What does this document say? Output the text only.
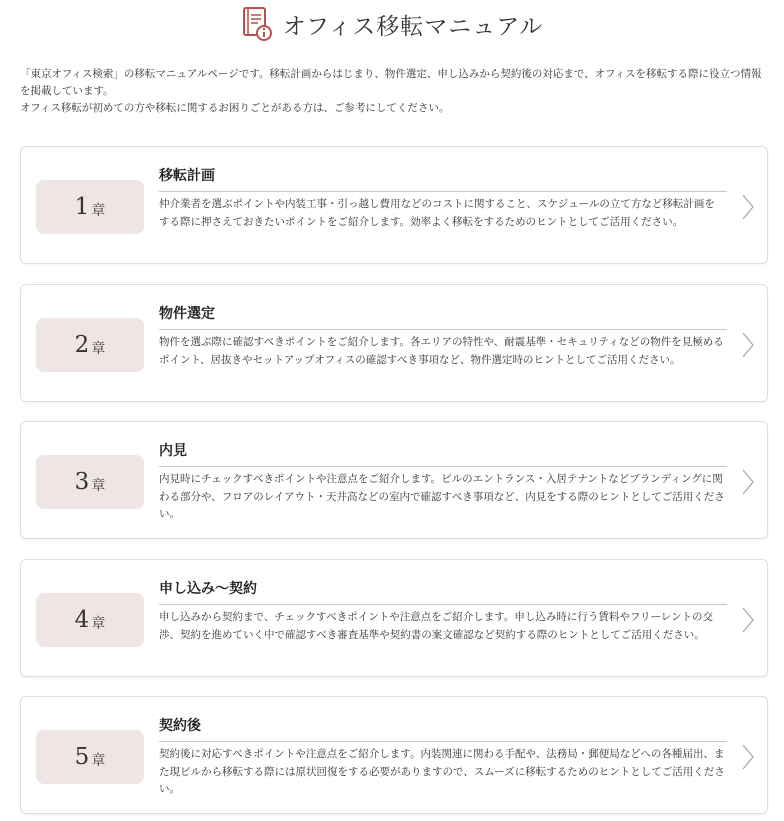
オフィス移転マニュアル
「東京オフィス検索」の移転マニュアルページです。移転計画からはじまり、物件選定、申し込みから契約後の対応まで、オフィスを移転する際に役立つ情報を掲載しています。
オフィス移転が初めての方や移転に関するお困りごとがある方は、ご参考にしてください。
1 章
移転計画
仲介業者を選ぶポイントや内装工事・引っ越し費用などのコストに関すること、スケジュールの立て方など移転計画をする際に押さえておきたいポイントをご紹介します。効率よく移転をするためのヒントとしてご活用ください。
2 章
物件選定
物件を選ぶ際に確認すべきポイントをご紹介します。各エリアの特性や、耐震基準・セキュリティなどの物件を見極めるポイント、居抜きやセットアップオフィスの確認すべき事項など、物件選定時のヒントとしてご活用ください。
3 章
内見
内見時にチェックすべきポイントや注意点をご紹介します。ビルのエントランス・入居テナントなどブランディングに関わる部分や、フロアのレイアウト・天井高などの室内で確認すべき事項など、内見をする際のヒントとしてご活用ください。
4 章
申し込み〜契約
申し込みから契約まで、チェックすべきポイントや注意点をご紹介します。申し込み時に行う賃料やフリーレントの交渉、契約を進めていく中で確認すべき審査基準や契約書の案文確認など契約する際のヒントとしてご活用ください。
5 章
契約後
契約後に対応すべきポイントや注意点をご紹介します。内装関連に関わる手配や、法務局・郵便局などへの各種届出、また現ビルから移転する際には原状回復をする必要がありますので、スムーズに移転するためのヒントとしてご活用ください。
